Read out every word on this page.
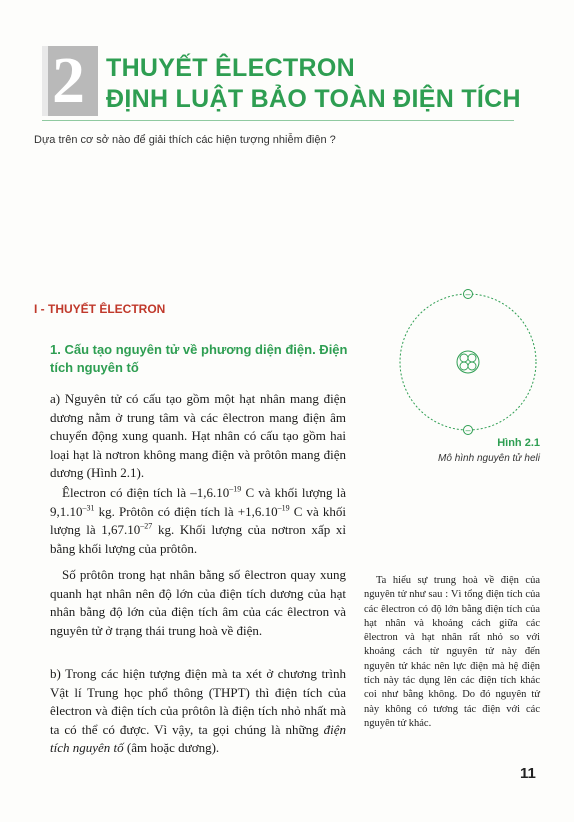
2 THUYẾT ÊLECTRON
ĐỊNH LUẬT BẢO TOÀN ĐIỆN TÍCH
Dựa trên cơ sở nào để giải thích các hiện tượng nhiễm điện ?
I - THUYẾT ÊLECTRON
1. Cấu tạo nguyên tử về phương diện điện. Điện tích nguyên tố

a) Nguyên tử có cấu tạo gồm một hạt nhân mang điện dương nằm ở trung tâm và các êlectron mang điện âm chuyển động xung quanh. Hạt nhân có cấu tạo gồm hai loại hạt là nơtron không mang điện và prôtôn mang điện dương (Hình 2.1).

Êlectron có điện tích là $-1,6.10^{-19}$ C và khối lượng là $9,1.10^{-31}$ kg. Prôtôn có điện tích là $+1,6.10^{-19}$ C và khối lượng là $1,67.10^{-27}$ kg. Khối lượng của nơtron xấp xỉ bằng khối lượng của prôtôn.

Số prôtôn trong hạt nhân bằng số êlectron quay xung quanh hạt nhân nên độ lớn của điện tích dương của hạt nhân bằng độ lớn của điện tích âm của các êlectron và nguyên tử ở trạng thái trung hoà về điện.

b) Trong các hiện tượng điện mà ta xét ở chương trình Vật lí Trung học phổ thông (THPT) thì điện tích của êlectron và điện tích của prôtôn là điện tích nhỏ nhất mà ta có thể có được. Vì vậy, ta gọi chúng là những điện tích nguyên tố (âm hoặc dương).

–
–
Hình 2.1
Mô hình nguyên tử heli

Ta hiểu sự trung hoà về điện của nguyên tử như sau : Vì tổng điện tích của các êlectron có độ lớn bằng điện tích của hạt nhân và khoảng cách giữa các êlectron và hạt nhân rất nhỏ so với khoảng cách từ nguyên tử này đến nguyên tử khác nên lực điện mà hệ điện tích này tác dụng lên các điện tích khác coi như bằng không. Do đó nguyên tử này không có tương tác điện với các nguyên tử khác.

11
